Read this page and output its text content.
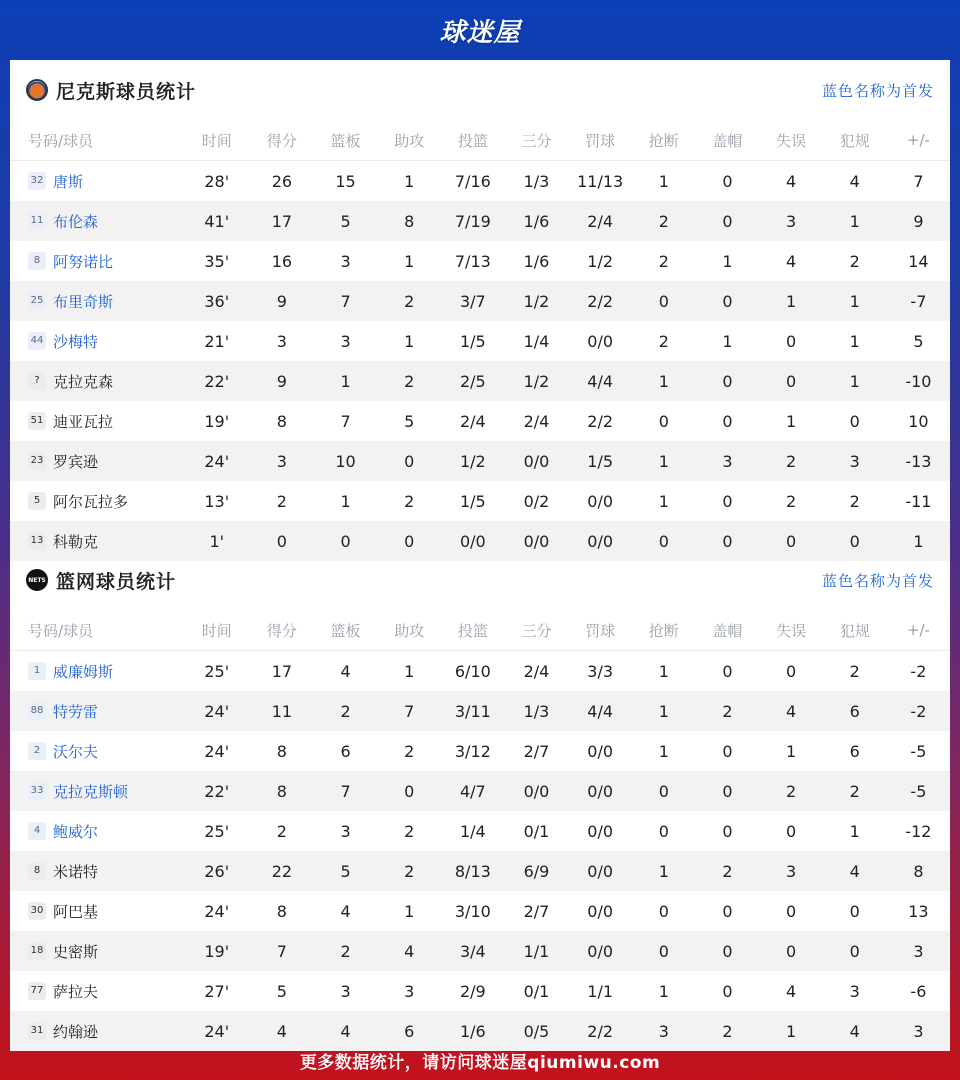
球迷屋
尼克斯球员统计	蓝色名称为首发
号码/球员	时间	得分	篮板	助攻	投篮	三分	罚球	抢断	盖帽	失误	犯规	+/-
32 唐斯	28'	26	15	1	7/16	1/3	11/13	1	0	4	4	7
11 布伦森	41'	17	5	8	7/19	1/6	2/4	2	0	3	1	9
8 阿努诺比	35'	16	3	1	7/13	1/6	1/2	2	1	4	2	14
25 布里奇斯	36'	9	7	2	3/7	1/2	2/2	0	0	1	1	-7
44 沙梅特	21'	3	3	1	1/5	1/4	0/0	2	1	0	1	5
? 克拉克森	22'	9	1	2	2/5	1/2	4/4	1	0	0	1	-10
51 迪亚瓦拉	19'	8	7	5	2/4	2/4	2/2	0	0	1	0	10
23 罗宾逊	24'	3	10	0	1/2	0/0	1/5	1	3	2	3	-13
5 阿尔瓦拉多	13'	2	1	2	1/5	0/2	0/0	1	0	2	2	-11
13 科勒克	1'	0	0	0	0/0	0/0	0/0	0	0	0	0	1
NETS 篮网球员统计	蓝色名称为首发
号码/球员	时间	得分	篮板	助攻	投篮	三分	罚球	抢断	盖帽	失误	犯规	+/-
1 威廉姆斯	25'	17	4	1	6/10	2/4	3/3	1	0	0	2	-2
88 特劳雷	24'	11	2	7	3/11	1/3	4/4	1	2	4	6	-2
2 沃尔夫	24'	8	6	2	3/12	2/7	0/0	1	0	1	6	-5
33 克拉克斯顿	22'	8	7	0	4/7	0/0	0/0	0	0	2	2	-5
4 鲍威尔	25'	2	3	2	1/4	0/1	0/0	0	0	0	1	-12
8 米诺特	26'	22	5	2	8/13	6/9	0/0	1	2	3	4	8
30 阿巴基	24'	8	4	1	3/10	2/7	0/0	0	0	0	0	13
18 史密斯	19'	7	2	4	3/4	1/1	0/0	0	0	0	0	3
77 萨拉夫	27'	5	3	3	2/9	0/1	1/1	1	0	4	3	-6
31 约翰逊	24'	4	4	6	1/6	0/5	2/2	3	2	1	4	3
更多数据统计，请访问球迷屋qiumiwu.com
